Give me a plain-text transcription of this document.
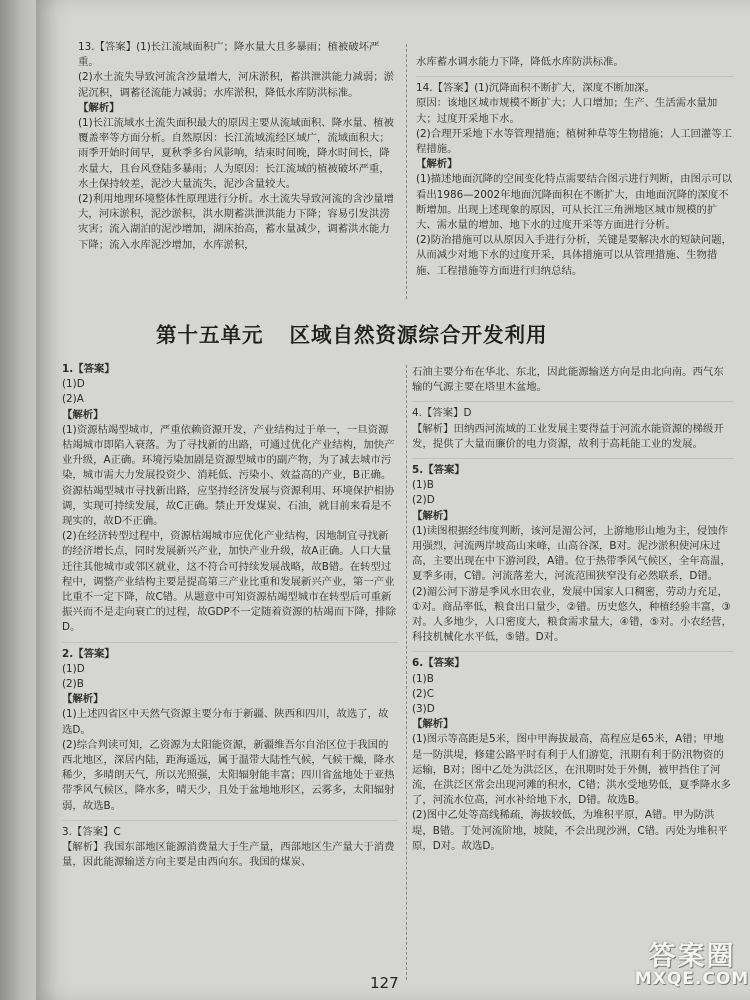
13.【答案】(1)长江流域面积广；降水量大且多暴雨；植被破坏严重。

(2)水土流失导致河流含沙量增大，河床淤积，蓄洪泄洪能力减弱；淤泥沉积，调蓄径流能力减弱；水库淤积，降低水库防洪标准。

【解析】

(1)长江流域水土流失面积最大的原因主要从流域面积、降水量、植被覆盖率等方面分析。自然原因：长江流域流经区域广，流域面积大；雨季开始时间早，夏秋季多台风影响，结束时间晚，降水时间长，降水量大，且台风登陆多暴雨；人为原因：长江流域的植被破坏严重，水土保持较差，泥沙大量流失，泥沙含量较大。

(2)利用地理环境整体性原理进行分析。水土流失导致河流的含沙量增大，河床淤积，泥沙淤积，洪水期蓄洪泄洪能力下降；容易引发洪涝灾害；流入湖泊的泥沙增加，湖床抬高，蓄水量减少，调蓄洪水能力下降；流入水库泥沙增加，水库淤积，

水库蓄水调水能力下降，降低水库防洪标准。

14.【答案】(1)沉降面积不断扩大，深度不断加深。

原因：该地区城市规模不断扩大；人口增加；生产、生活需水量加大；过度开采地下水。

(2)合理开采地下水等管理措施；植树种草等生物措施；人工回灌等工程措施。

【解析】

(1)描述地面沉降的空间变化特点需要结合图示进行判断，由图示可以看出1986—2002年地面沉降面积在不断扩大，由地面沉降的深度不断增加。出现上述现象的原因，可从长江三角洲地区城市规模的扩大、需水量的增加、地下水的过度开采等方面进行分析。

(2)防治措施可以从原因入手进行分析，关键是要解决水的短缺问题，从而减少对地下水的过度开采，具体措施可以从管理措施、生物措施、工程措施等方面进行归纳总结。

第十五单元 区域自然资源综合开发利用

1.【答案】

(1)D

(2)A

【解析】

(1)资源枯竭型城市，严重依赖资源开发，产业结构过于单一，一旦资源枯竭城市即陷入衰落。为了寻找新的出路，可通过优化产业结构，加快产业升级，A正确。环境污染加剧是资源型城市的副产物，为了减去城市污染，城市需大力发展投资少、消耗低、污染小、效益高的产业，B正确。资源枯竭型城市寻找新出路，应坚持经济发展与资源利用、环境保护相协调，实现可持续发展，故C正确。禁止开发煤炭、石油，就目前来看是不现实的，故D不正确。

(2)在经济转型过程中，资源枯竭城市应优化产业结构，因地制宜寻找新的经济增长点，同时发展新兴产业，加快产业升级，故A正确。人口大量迁往其他城市或邻区就业，这不符合可持续发展战略，故B错。在转型过程中，调整产业结构主要是提高第三产业比重和发展新兴产业，第一产业比重不一定下降，故C错。从题意中可知资源枯竭型城市在转型后可重新振兴而不是走向衰亡的过程，故GDP不一定随着资源的枯竭而下降，排除D。

2.【答案】

(1)D

(2)B

【解析】

(1)上述四省区中天然气资源主要分布于新疆、陕西和四川，故选了，故选D。

(2)综合判读可知，乙资源为太阳能资源，新疆维吾尔自治区位于我国的西北地区，深居内陆，距海遥远，属于温带大陆性气候，气候干燥，降水稀少，多晴朗天气，所以光照强，太阳辐射能丰富；四川省盆地处于亚热带季风气候区，降水多，晴天少，且处于盆地地形区，云雾多，太阳辐射弱，故选B。

3.【答案】C

【解析】我国东部地区能源消费量大于生产量，西部地区生产量大于消费量，因此能源输送方向主要是由西向东。我国的煤炭、

石油主要分布在华北、东北，因此能源输送方向是由北向南。西气东输的气源主要在塔里木盆地。

4.【答案】D

【解析】田纳西河流域的工业发展主要得益于河流水能资源的梯级开发，提供了大量而廉价的电力资源，故利于高耗能工业的发展。

5.【答案】

(1)B

(2)D

【解析】

(1)读图根据经纬度判断，该河是湄公河，上游地形山地为主，侵蚀作用强烈，河流两岸坡高山来峰，山高谷深，B对。泥沙淤积使河床过高，主要出现在中下游河段，A错。位于热带季风气候区，全年高温，夏季多雨，C错。河流落差大，河流范围狭窄没有必然联系，D错。

(2)湄公河下游是季风水田农业，发展中国家人口稠密，劳动力充足，①对。商品率低，粮食出口量少，②错。历史悠久，种植经验丰富，③对。人多地少，人口密度大，粮食需求量大，④错，⑤对。小农经营，科技机械化水平低，⑤错。D对。

6.【答案】

(1)B

(2)C

(3)D

【解析】

(1)图示等高距是5米，图中甲海拔最高，高程应是65米，A错；甲地是一防洪堤，修建公路平时有利于人们游览，汛期有利于防汛物资的运输，B对；图中乙处为洪泛区，在汛期时处于外侧，被甲挡住了河流，在洪泛区常会出现河滩的积水，C错；洪水受地势低，夏季降水多了，河流水位高，河水补给地下水，D错。故选B。

(2)图中乙处等高线稀疏，海拔较低，为堆积平原，A错。甲为防洪堤，B错。丁处河流阶地，坡陡，不会出现沙洲，C错。丙处为堆积平原，D对。故选D。

127
答案圈
MXQE.COM
